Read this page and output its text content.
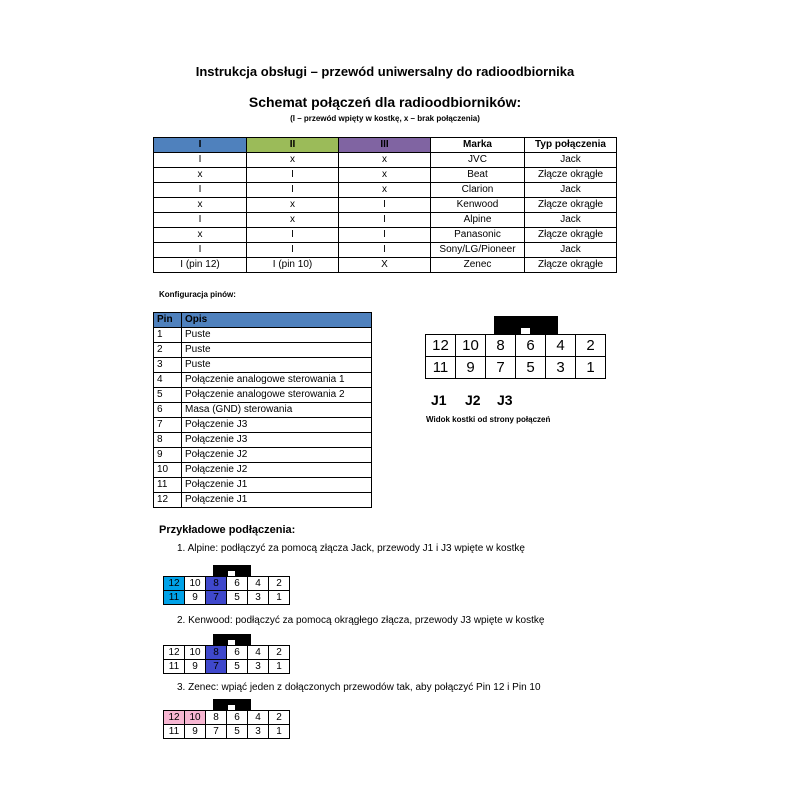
Instrukcja obsługi – przewód uniwersalny do radioodbiornika
Schemat połączeń dla radioodbiorników:
(I – przewód wpięty w kostkę, x – brak połączenia)
I	II	III	Marka	Typ połączenia
I	x	x	JVC	Jack
x	I	x	Beat	Złącze okrągłe
I	I	x	Clarion	Jack
x	x	I	Kenwood	Złącze okrągłe
I	x	I	Alpine	Jack
x	I	I	Panasonic	Złącze okrągłe
I	I	I	Sony/LG/Pioneer	Jack
I (pin 12)	I (pin 10)	X	Zenec	Złącze okrągłe
Konfiguracja pinów:
Pin	Opis
1	Puste
2	Puste
3	Puste
4	Połączenie analogowe sterowania 1
5	Połączenie analogowe sterowania 2
6	Masa (GND) sterowania
7	Połączenie J3
8	Połączenie J3
9	Połączenie J2
10	Połączenie J2
11	Połączenie J1
12	Połączenie J1
12	10	8	6	4	2
11	9	7	5	3	1
J1 J2 J3
Widok kostki od strony połączeń
Przykładowe podłączenia:
1. Alpine: podłączyć za pomocą złącza Jack, przewody J1 i J3 wpięte w kostkę
12	10	8	6	4	2
11	9	7	5	3	1
2. Kenwood: podłączyć za pomocą okrągłego złącza, przewody J3 wpięte w kostkę
12	10	8	6	4	2
11	9	7	5	3	1
3. Zenec: wpiąć jeden z dołączonych przewodów tak, aby połączyć Pin 12 i Pin 10
12	10	8	6	4	2
11	9	7	5	3	1
